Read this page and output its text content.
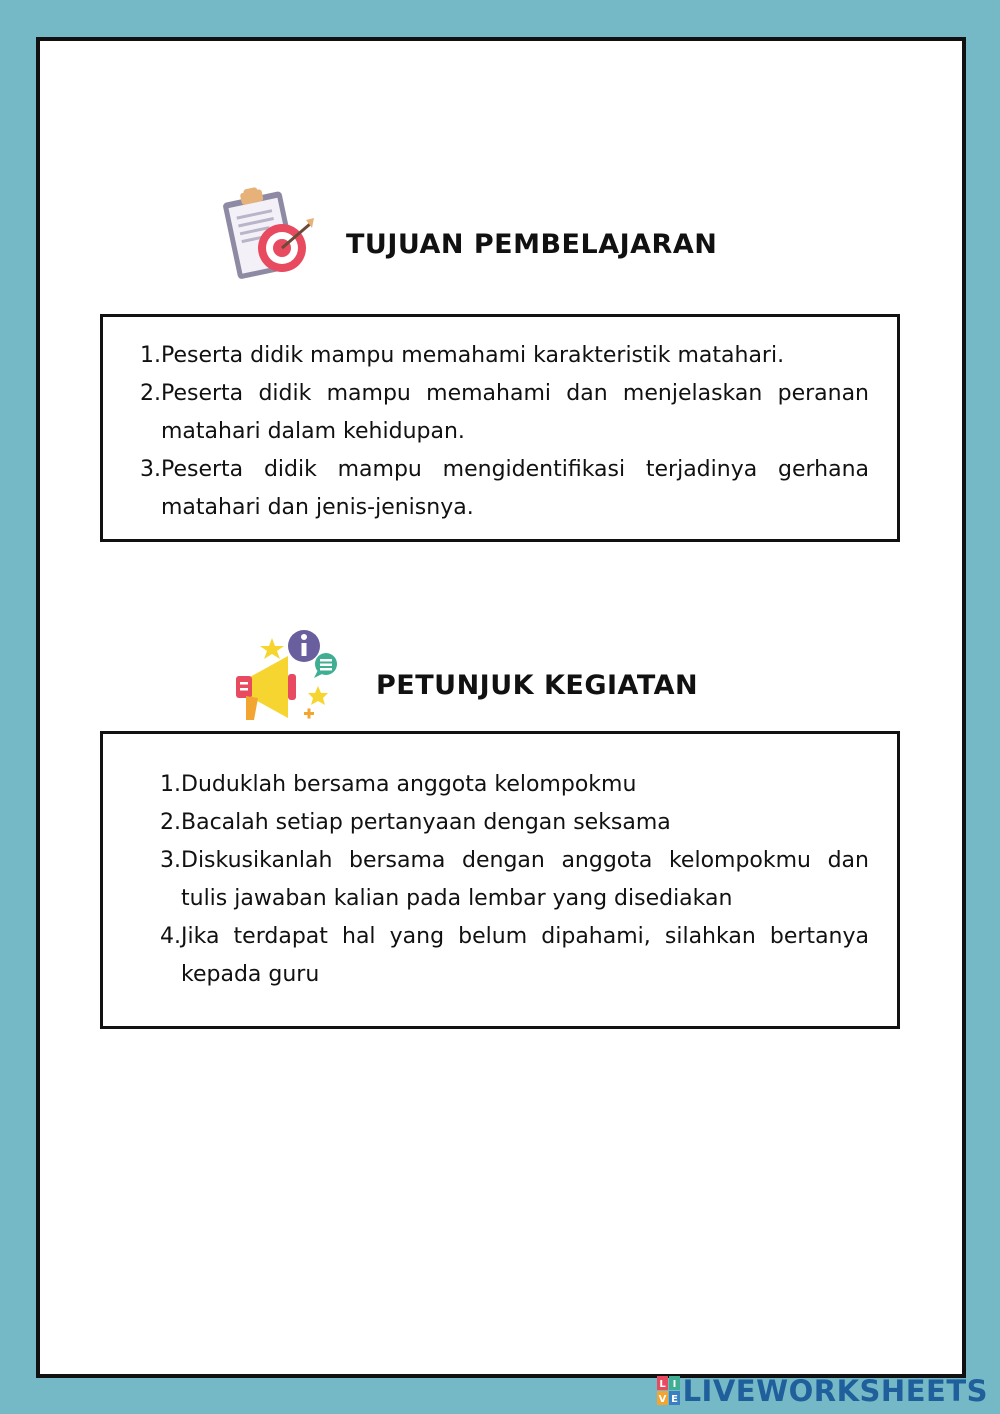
TUJUAN PEMBELAJARAN
1. Peserta didik mampu memahami karakteristik matahari.
2. Peserta didik mampu memahami dan menjelaskan peranan matahari dalam kehidupan.
3. Peserta didik mampu mengidentifikasi terjadinya gerhana matahari dan jenis-jenisnya.
PETUNJUK KEGIATAN
1. Duduklah bersama anggota kelompokmu
2. Bacalah setiap pertanyaan dengan seksama
3. Diskusikanlah bersama dengan anggota kelompokmu dan tulis jawaban kalian pada lembar yang disediakan
4. Jika terdapat hal yang belum dipahami, silahkan bertanya kepada guru
L I
V E LIVEWORKSHEETS
